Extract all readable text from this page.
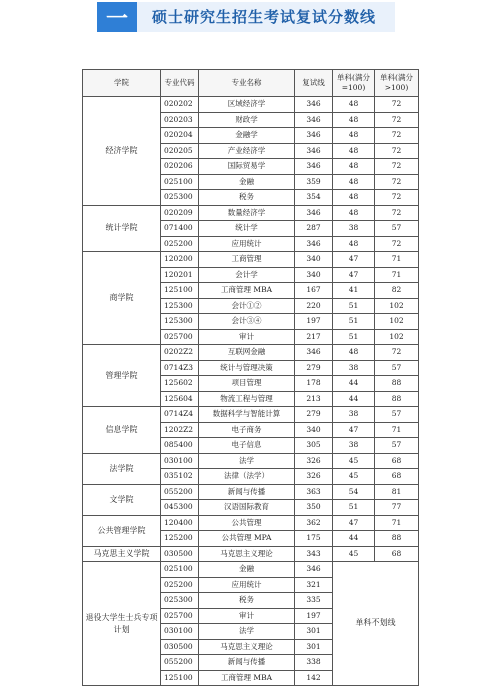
一	硕士研究生招生考试复试分数线
学院	专业代码	专业名称	复试线	单科(满分=100)	单科(满分>100)
经济学院	020202	区域经济学	346	48	72
	020203	财政学	346	48	72
	020204	金融学	346	48	72
	020205	产业经济学	346	48	72
	020206	国际贸易学	346	48	72
	025100	金融	359	48	72
	025300	税务	354	48	72
统计学院	020209	数量经济学	346	48	72
	071400	统计学	287	38	57
	025200	应用统计	346	48	72
商学院	120200	工商管理	340	47	71
	120201	会计学	340	47	71
	125100	工商管理 MBA	167	41	82
	125300	会计①②	220	51	102
	125300	会计③④	197	51	102
	025700	审计	217	51	102
管理学院	0202Z2	互联网金融	346	48	72
	0714Z3	统计与管理决策	279	38	57
	125602	项目管理	178	44	88
	125604	物流工程与管理	213	44	88
信息学院	0714Z4	数据科学与智能计算	279	38	57
	1202Z2	电子商务	340	47	71
	085400	电子信息	305	38	57
法学院	030100	法学	326	45	68
	035102	法律（法学）	326	45	68
文学院	055200	新闻与传播	363	54	81
	045300	汉语国际教育	350	51	77
公共管理学院	120400	公共管理	362	47	71
	125200	公共管理 MPA	175	44	88
马克思主义学院	030500	马克思主义理论	343	45	68
退役大学生士兵专项计划	025100	金融	346	单科不划线	
	025200	应用统计	321		
	025300	税务	335		
	025700	审计	197		
	030100	法学	301		
	030500	马克思主义理论	301		
	055200	新闻与传播	338		
	125100	工商管理 MBA	142		
